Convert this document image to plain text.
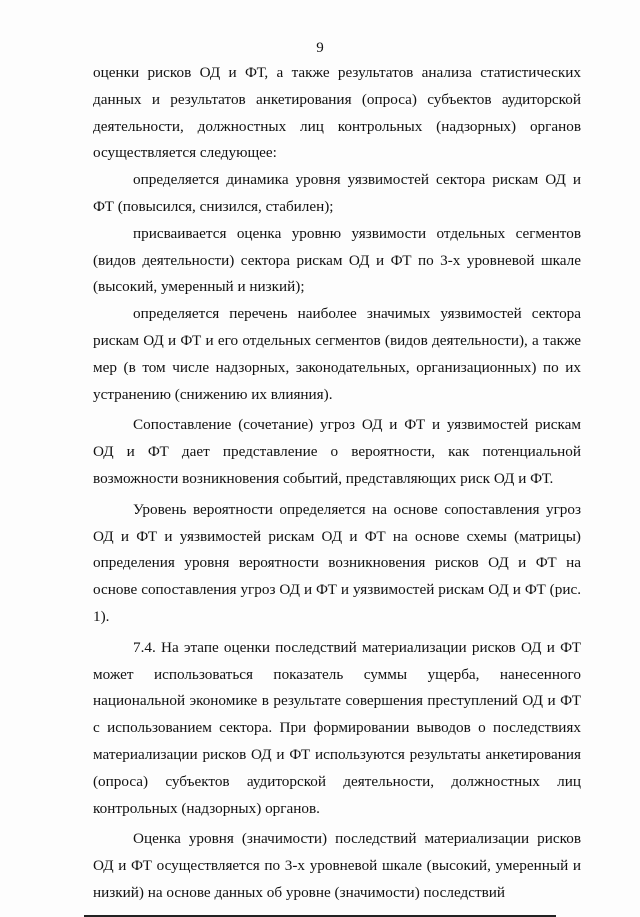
9

оценки рисков ОД и ФТ, а также результатов анализа статистических данных и результатов анкетирования (опроса) субъектов аудиторской деятельности, должностных лиц контрольных (надзорных) органов осуществляется следующее:

определяется динамика уровня уязвимостей сектора рискам ОД и ФТ (повысился, снизился, стабилен);

присваивается оценка уровню уязвимости отдельных сегментов (видов деятельности) сектора рискам ОД и ФТ по 3-х уровневой шкале (высокий, умеренный и низкий);

определяется перечень наиболее значимых уязвимостей сектора рискам ОД и ФТ и его отдельных сегментов (видов деятельности), а также мер (в том числе надзорных, законодательных, организационных) по их устранению (снижению их влияния).

Сопоставление (сочетание) угроз ОД и ФТ и уязвимостей рискам ОД и ФТ дает представление о вероятности, как потенциальной возможности возникновения событий, представляющих риск ОД и ФТ.

Уровень вероятности определяется на основе сопоставления угроз ОД и ФТ и уязвимостей рискам ОД и ФТ на основе схемы (матрицы) определения уровня вероятности возникновения рисков ОД и ФТ на основе сопоставления угроз ОД и ФТ и уязвимостей рискам ОД и ФТ (рис. 1).

7.4. На этапе оценки последствий материализации рисков ОД и ФТ может использоваться показатель суммы ущерба, нанесенного национальной экономике в результате совершения преступлений ОД и ФТ с использованием сектора. При формировании выводов о последствиях материализации рисков ОД и ФТ используются результаты анкетирования (опроса) субъектов аудиторской деятельности, должностных лиц контрольных (надзорных) органов.

Оценка уровня (значимости) последствий материализации рисков ОД и ФТ осуществляется по 3-х уровневой шкале (высокий, умеренный и низкий) на основе данных об уровне (значимости) последствий
